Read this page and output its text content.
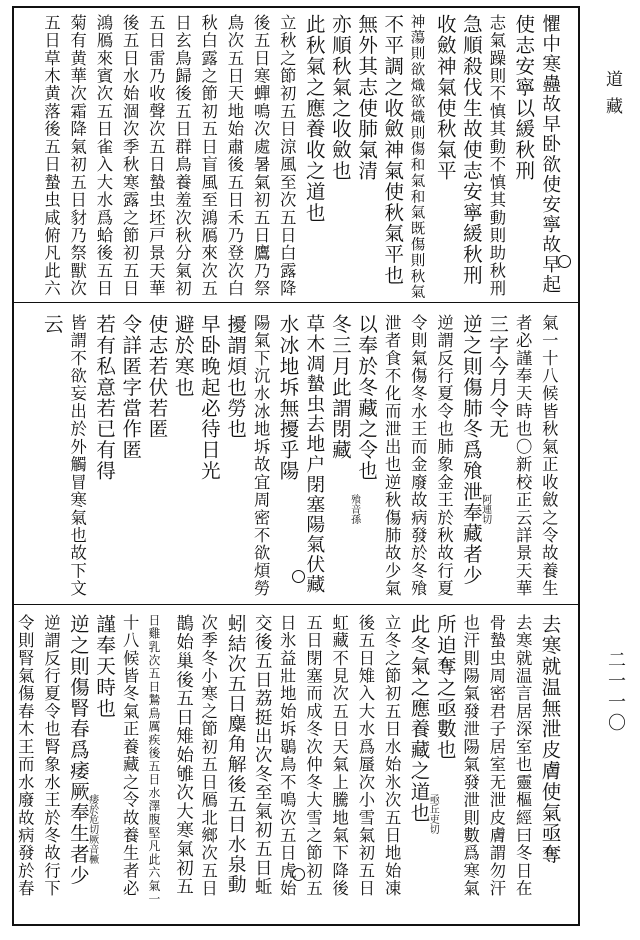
道藏
二一一〇
懼中寒蠱故早卧欲使安寧故早起
使志安寧以緩秋刑
志氣躁則不慎其動不慎其動則助秋刑
急順殺伐生故使志安寧緩秋刑
收斂神氣使秋氣平
神蕩則欲熾欲熾則傷和氣和氣既傷則秋氣
不平調之收斂神氣使秋氣平也
無外其志使肺氣清
亦順秋氣之收斂也
此秋氣之應養收之道也
立秋之節初五日涼風至次五日白露降
後五日寒蟬鳴次處暑氣初五日鷹乃祭
鳥次五日天地始肅後五日禾乃登次白
秋白露之節初五日盲風至鴻鴈來次五
日玄鳥歸後五日群鳥養羞次秋分氣初
五日雷乃收聲次五日蟄虫坯戸景天華
後五日水始涸次季秋寒露之節初五日
鴻鴈來賓次五日雀入大水爲蛤後五日
菊有黄華次霜降氣初五日豺乃祭獸次
五日草木黄落後五日蟄虫咸俯凡此六
氣一十八候皆秋氣正收斂之令故養生
者必謹奉天時也〇新校正云詳景天華
三字今月令无
逆之則傷肺冬爲飱泄奉藏者少
逆謂反行夏令也肺象金王於秋故行夏
令則氣傷冬水王而金廢故病發於冬飱
泄者食不化而泄出也逆秋傷肺故少氣
以奉於冬藏之令也
冬三月此謂閉藏
草木凋蟄虫去地户閉塞陽氣伏藏
水冰地坼無擾乎陽
陽氣下沉水冰地坼故宜周密不欲煩勞
擾謂煩也勞也
早卧晚起必待日光
避於寒也
使志若伏若匿
令詳匿字當作匿
若有私意若已有得
皆謂不欲妄出於外觸冒寒氣也故下文
云
去寒就温無泄皮膚使氣亟奪
去寒就温言居深室也靈樞經曰冬日在
骨蟄虫周密君子居室无泄皮膚謂勿汗
也汗則陽氣發泄陽氣發泄則數爲寒氣
所迫奪之亟數也
此冬氣之應養藏之道也
立冬之節初五日水始氷次五日地始凍
後五日雉入大水爲蜃次小雪氣初五日
虹藏不見次五日天氣上騰地氣下降後
五日閉塞而成冬次仲冬大雪之節初五
日氷益壯地始坼鶡鳥不鳴次五日虎始
交後五日荔挺出次冬至氣初五日蚯
蚓結次五日麋角解後五日水泉動
次季冬小寒之節初五日鴈北鄉次五日
鵲始巢後五日雉始雊次大寒氣初五
日雞乳次五日鷙鳥厲疾後五日水澤腹堅凡此六氣一
十八候皆冬氣正養藏之令故養生者必
謹奉天時也
逆之則傷腎春爲痿厥奉生者少
逆謂反行夏令也腎象水王於冬故行下
令則腎氣傷春木王而水廢故病發於春
阿連切
飱音孫
亟丘吏切
痿於危切厥音橛
